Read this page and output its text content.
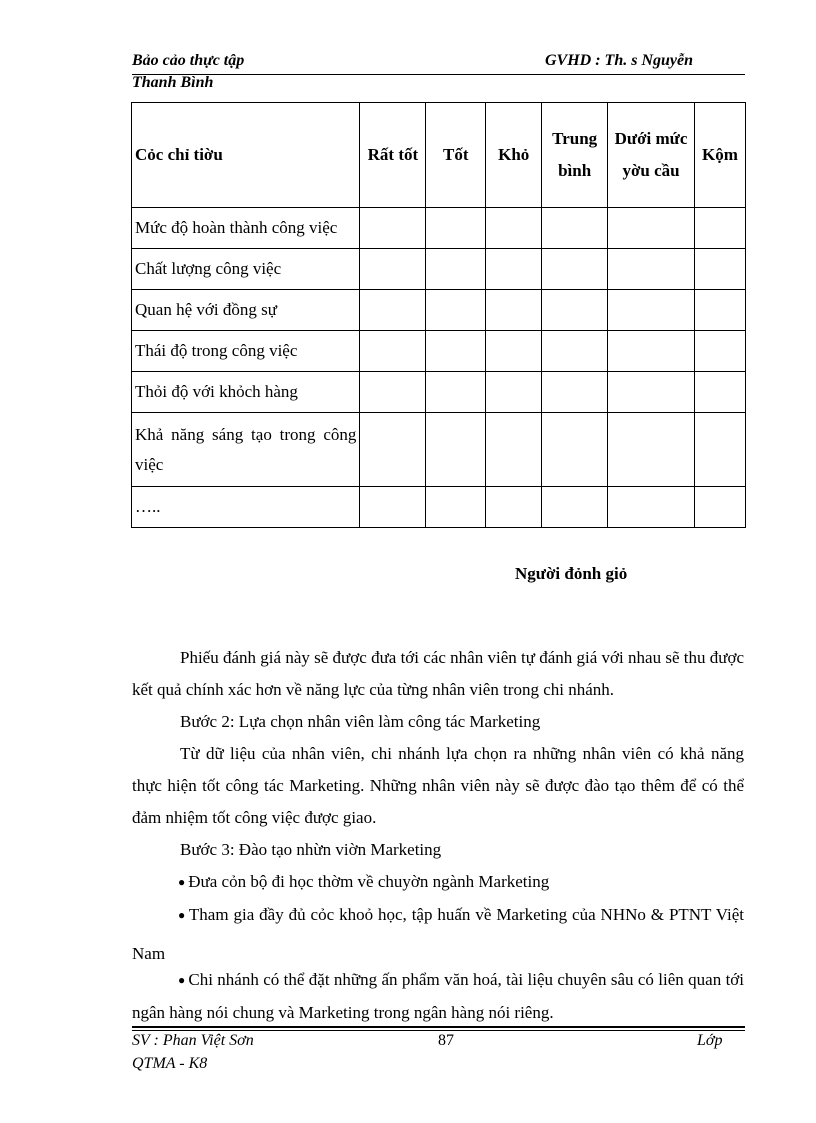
Bảo cảo thực tập	GVHD : Th. s Nguyễn
Thanh Bình
Cỏc chỉ tiờu	Rất tốt	Tốt	Khỏ	Trung bình	Dưới mức yờu cầu	Kộm
Mức độ hoàn thành công việc						
Chất lượng công việc						
Quan hệ với đồng sự						
Thái độ trong công việc						
Thỏi độ với khỏch hàng						
Khả năng sáng tạo trong công việc						
…..						
Người đỏnh giỏ

Phiếu đánh giá này sẽ được đưa tới các nhân viên tự đánh giá với nhau sẽ thu được kết quả chính xác hơn về năng lực của từng nhân viên trong chi nhánh.

Bước 2: Lựa chọn nhân viên làm công tác Marketing

Từ dữ liệu của nhân viên, chi nhánh lựa chọn ra những nhân viên có khả năng thực hiện tốt công tác Marketing. Những nhân viên này sẽ được đào tạo thêm để có thể đảm nhiệm tốt công việc được giao.

Bước 3: Đào tạo nhừn viờn Marketing

● Đưa cỏn bộ đi học thờm về chuyờn ngành Marketing

● Tham gia đầy đủ cỏc khoỏ học, tập huấn về Marketing của NHNo & PTNT Việt Nam

● Chi nhánh có thể đặt những ấn phẩm văn hoá, tài liệu chuyên sâu có liên quan tới ngân hàng nói chung và Marketing trong ngân hàng nói riêng.

SV : Phan Việt Sơn	87	Lớp
QTMA - K8
